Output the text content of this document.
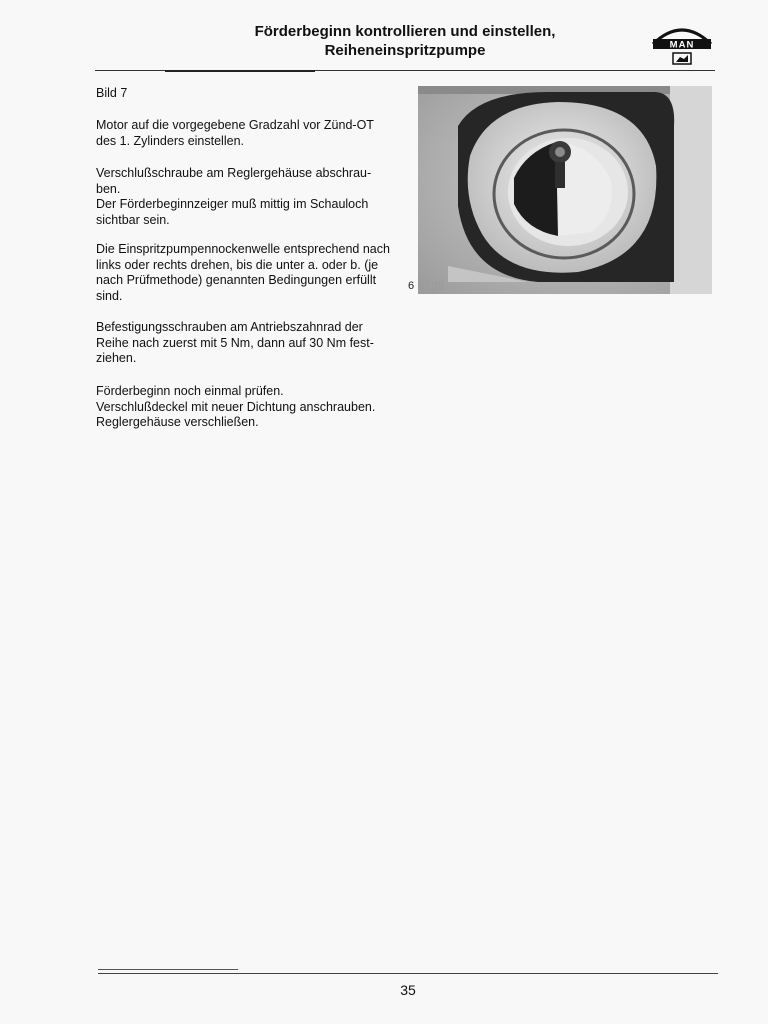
Förderbeginn kontrollieren und einstellen,
Reiheneinspritzpumpe	MAN

Bild 7

Motor auf die vorgegebene Gradzahl vor Zünd-OT des 1. Zylinders einstellen.

Verschlußschraube am Reglergehäuse abschrau-
ben.
Der Förderbeginnzeiger muß mittig im Schauloch sichtbar sein.

Die Einspritzpumpennockenwelle entsprechend nach links oder rechts drehen, bis die unter a. oder b. (je nach Prüfmethode) genannten Bedingungen erfüllt sind.

Befestigungsschrauben am Antriebszahnrad der Reihe nach zuerst mit 5 Nm, dann auf 30 Nm fest-
ziehen.

Förderbeginn noch einmal prüfen.
Verschlußdeckel mit neuer Dichtung anschrauben.
Reglergehäuse verschließen.

6 2735
35
